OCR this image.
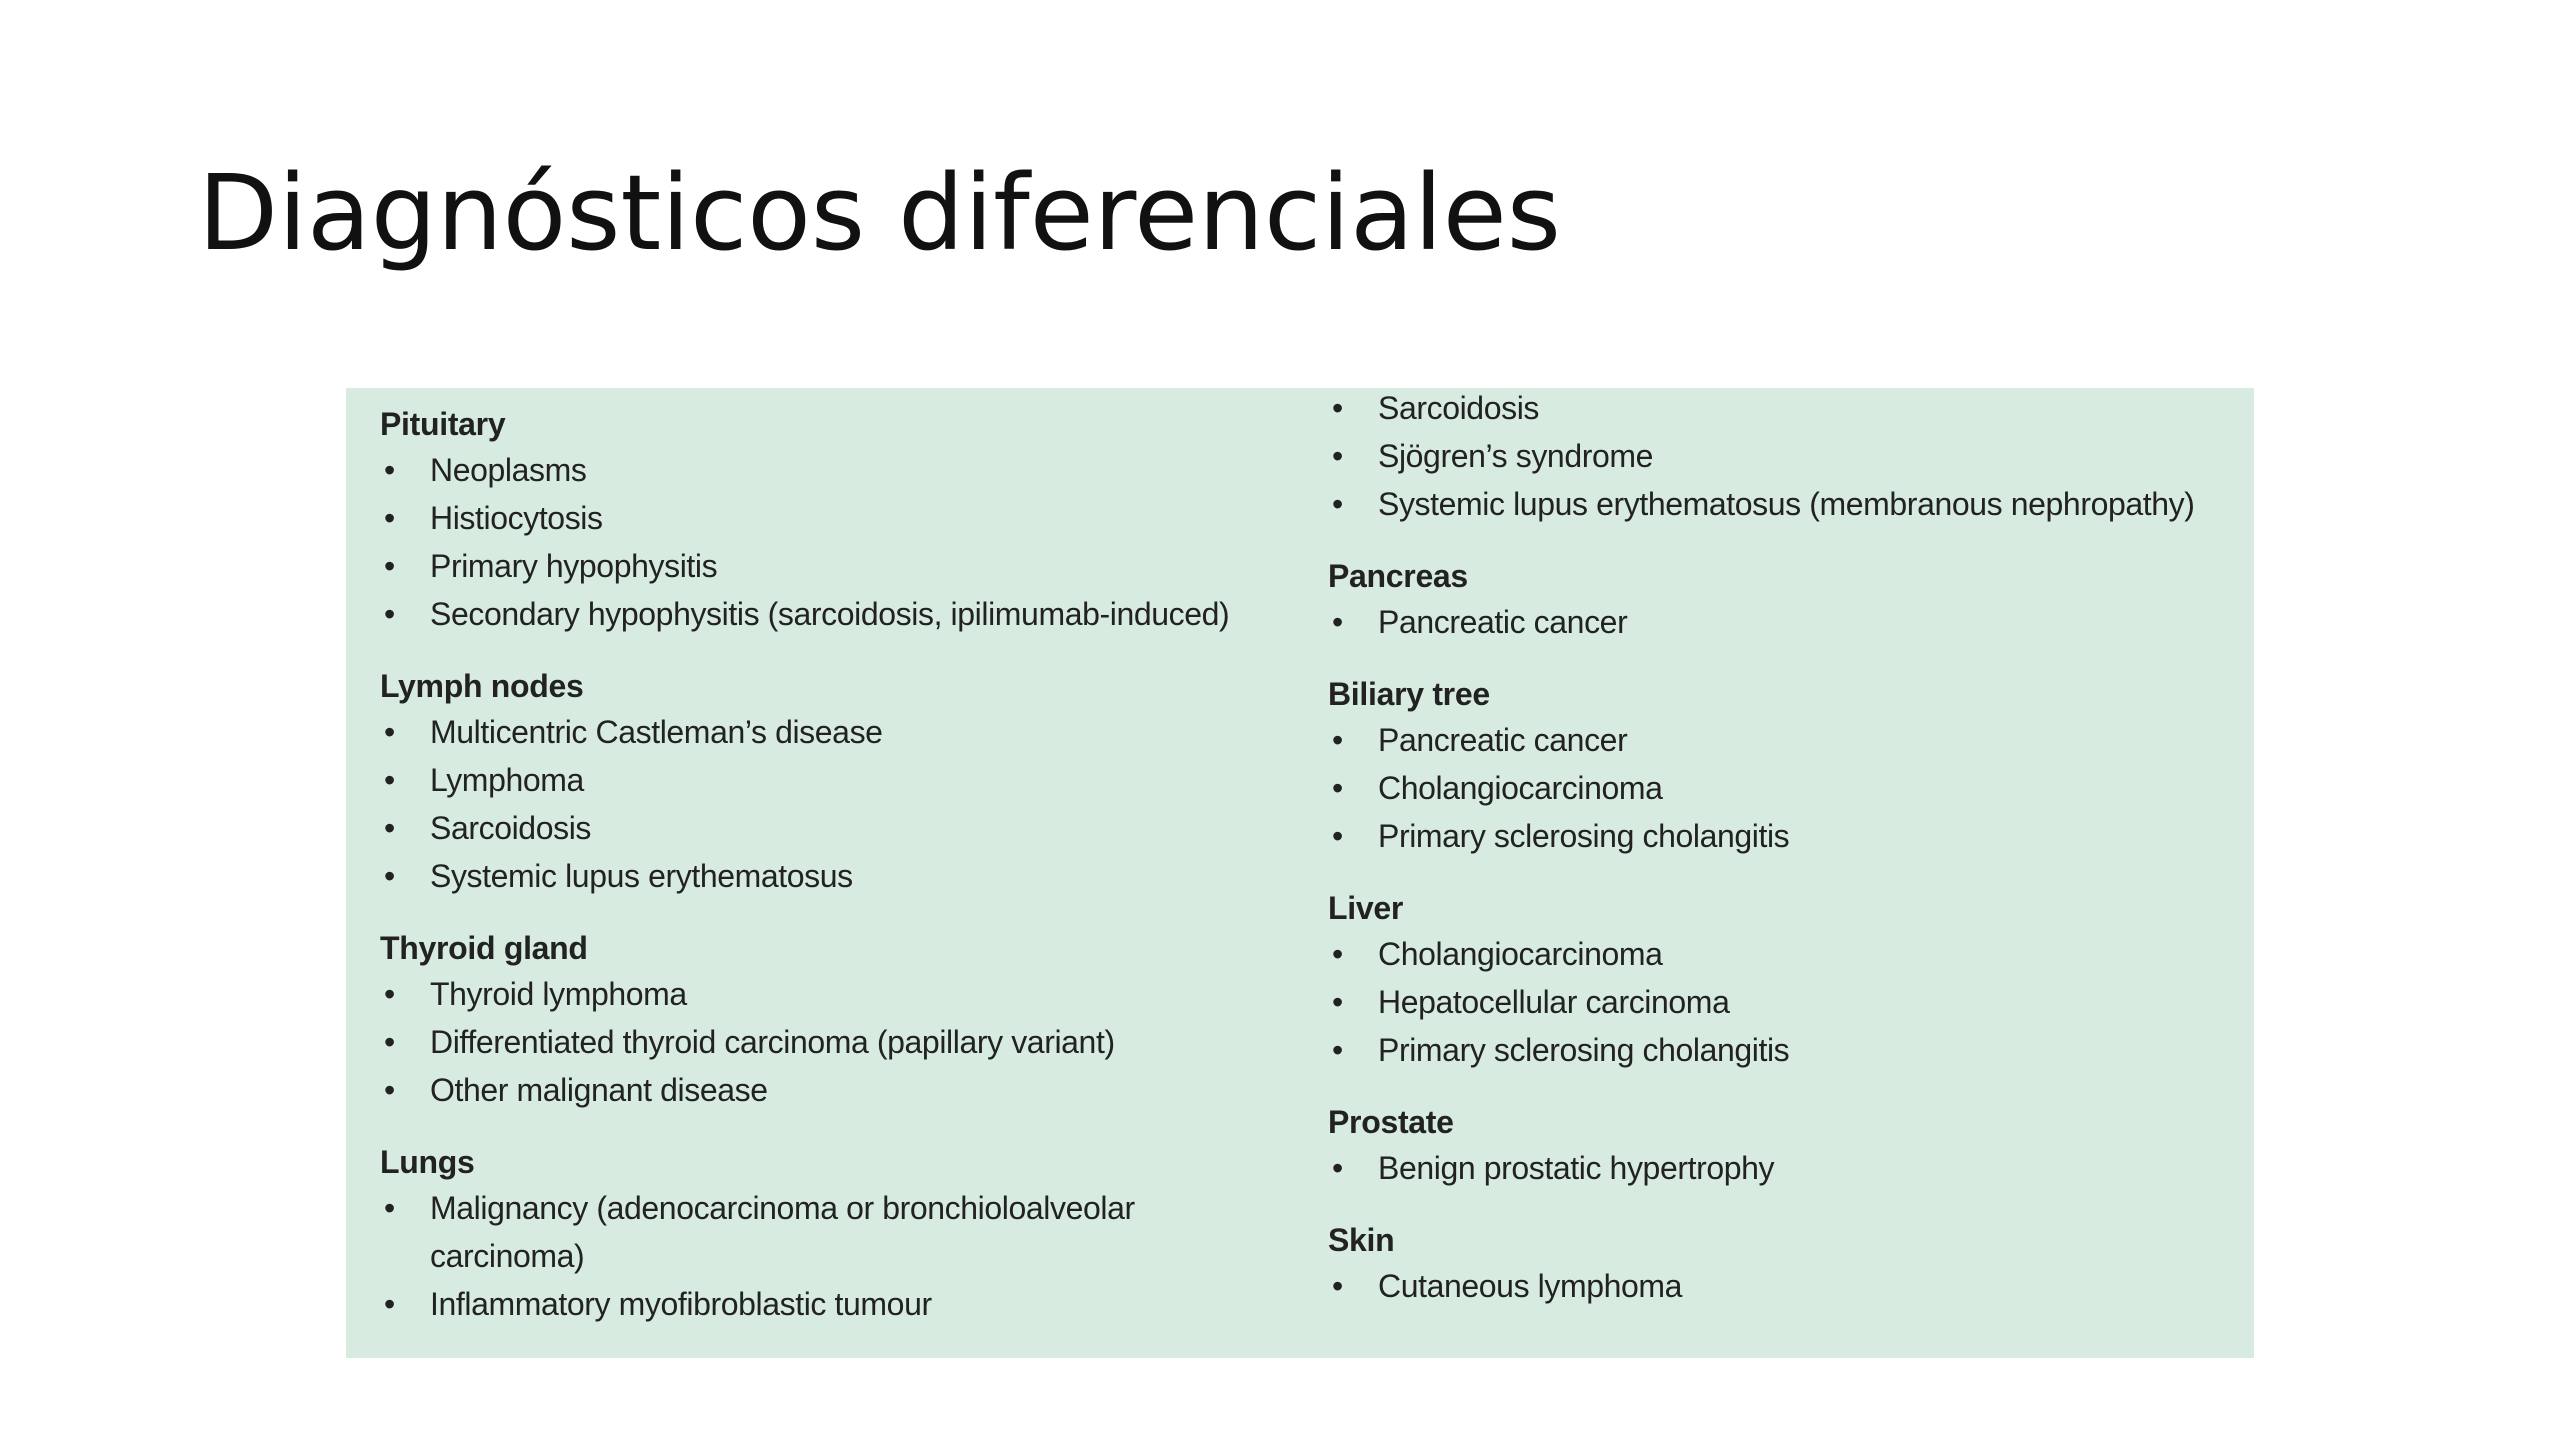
Diagnósticos diferenciales
Pituitary
• Neoplasms
• Histiocytosis
• Primary hypophysitis
• Secondary hypophysitis (sarcoidosis, ipilimumab-induced)
Lymph nodes
• Multicentric Castleman’s disease
• Lymphoma
• Sarcoidosis
• Systemic lupus erythematosus
Thyroid gland
• Thyroid lymphoma
• Differentiated thyroid carcinoma (papillary variant)
• Other malignant disease
Lungs
• Malignancy (adenocarcinoma or bronchioloalveolar carcinoma)
• Inflammatory myofibroblastic tumour
• Sarcoidosis
• Sjögren’s syndrome
• Systemic lupus erythematosus (membranous nephropathy)
Pancreas
• Pancreatic cancer
Biliary tree
• Pancreatic cancer
• Cholangiocarcinoma
• Primary sclerosing cholangitis
Liver
• Cholangiocarcinoma
• Hepatocellular carcinoma
• Primary sclerosing cholangitis
Prostate
• Benign prostatic hypertrophy
Skin
• Cutaneous lymphoma
